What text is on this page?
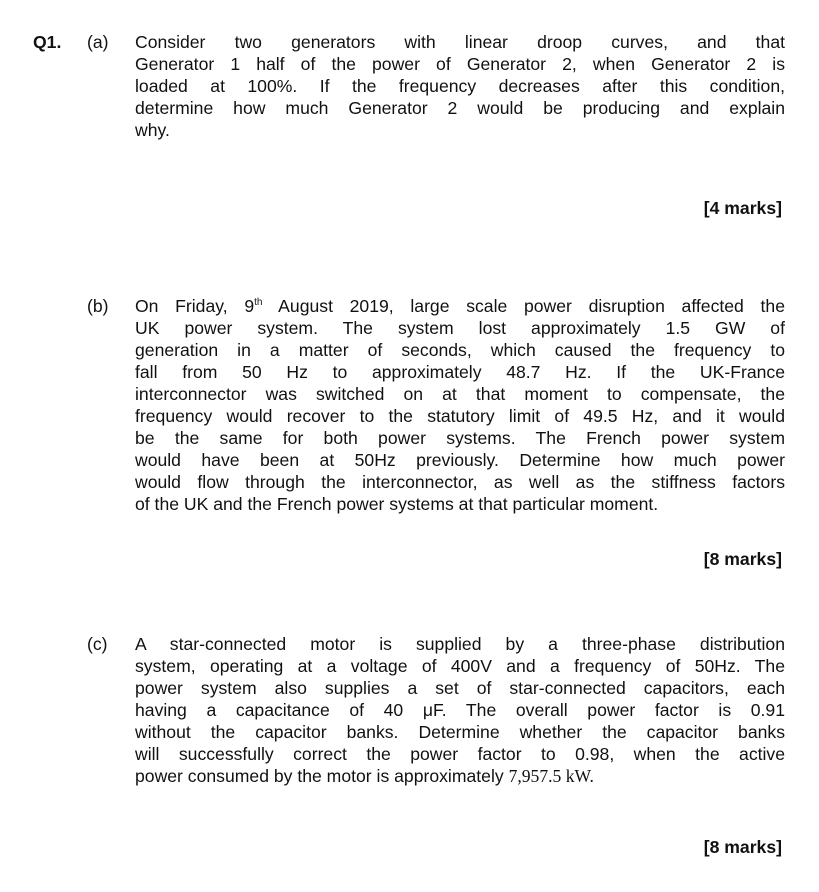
Q1. (a) Consider two generators with linear droop curves, and that
Generator 1 half of the power of Generator 2, when Generator 2 is
loaded at 100%. If the frequency decreases after this condition,
determine how much Generator 2 would be producing and explain
why.
[4 marks]
(b) On Friday, 9th August 2019, large scale power disruption affected the
UK power system. The system lost approximately 1.5 GW of
generation in a matter of seconds, which caused the frequency to
fall from 50 Hz to approximately 48.7 Hz. If the UK-France
interconnector was switched on at that moment to compensate, the
frequency would recover to the statutory limit of 49.5 Hz, and it would
be the same for both power systems. The French power system
would have been at 50Hz previously. Determine how much power
would flow through the interconnector, as well as the stiffness factors
of the UK and the French power systems at that particular moment.
[8 marks]
(c) A star-connected motor is supplied by a three-phase distribution
system, operating at a voltage of 400V and a frequency of 50Hz. The
power system also supplies a set of star-connected capacitors, each
having a capacitance of 40 μF. The overall power factor is 0.91
without the capacitor banks. Determine whether the capacitor banks
will successfully correct the power factor to 0.98, when the active
power consumed by the motor is approximately 7,957.5 kW.
[8 marks]
